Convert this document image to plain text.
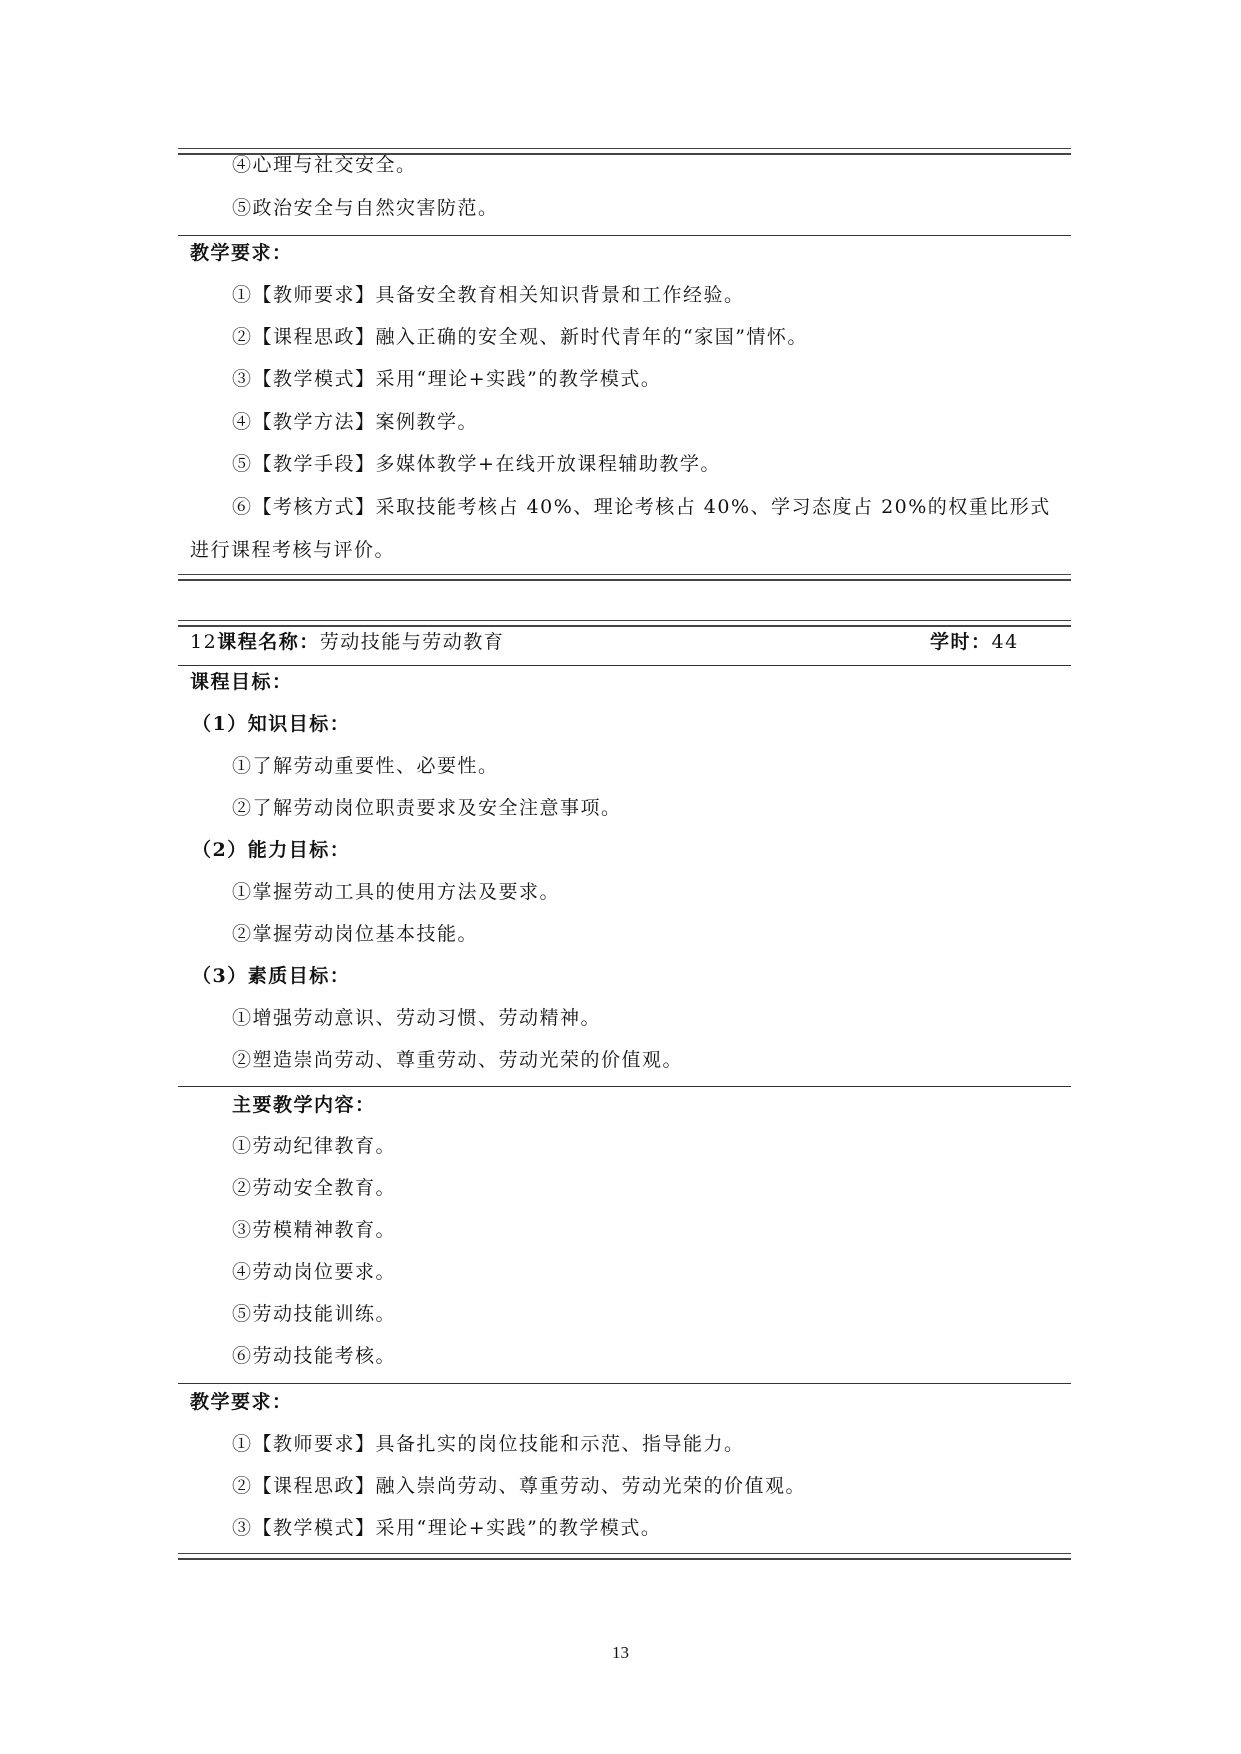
④心理与社交安全。
⑤政治安全与自然灾害防范。
教学要求：
①【教师要求】具备安全教育相关知识背景和工作经验。
②【课程思政】融入正确的安全观、新时代青年的“家国”情怀。
③【教学模式】采用“理论+实践”的教学模式。
④【教学方法】案例教学。
⑤【教学手段】多媒体教学+在线开放课程辅助教学。
⑥【考核方式】采取技能考核占 40%、理论考核占 40%、学习态度占 20%的权重比形式
进行课程考核与评价。
12课程名称：劳动技能与劳动教育	学时：44
课程目标：
（1）知识目标：
①了解劳动重要性、必要性。
②了解劳动岗位职责要求及安全注意事项。
（2）能力目标：
①掌握劳动工具的使用方法及要求。
②掌握劳动岗位基本技能。
（3）素质目标：
①增强劳动意识、劳动习惯、劳动精神。
②塑造崇尚劳动、尊重劳动、劳动光荣的价值观。
主要教学内容：
①劳动纪律教育。
②劳动安全教育。
③劳模精神教育。
④劳动岗位要求。
⑤劳动技能训练。
⑥劳动技能考核。
教学要求：
①【教师要求】具备扎实的岗位技能和示范、指导能力。
②【课程思政】融入崇尚劳动、尊重劳动、劳动光荣的价值观。
③【教学模式】采用“理论+实践”的教学模式。
13
